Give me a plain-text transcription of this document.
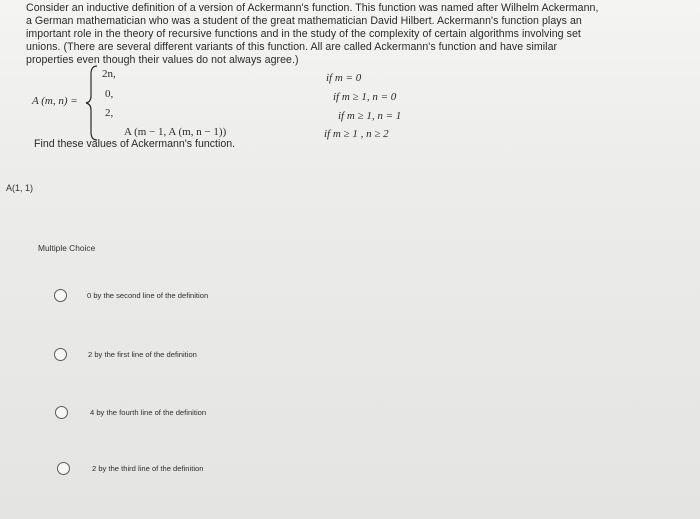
Consider an inductive definition of a version of Ackermann's function. This function was named after Wilhelm Ackermann,
a German mathematician who was a student of the great mathematician David Hilbert. Ackermann's function plays an
important role in the theory of recursive functions and in the study of the complexity of certain algorithms involving set
unions. (There are several different variants of this function. All are called Ackermann's function and have similar
properties even though their values do not always agree.)
A (m, n) =
2n,
0,
2,
A (m − 1, A (m, n − 1))
if m = 0
if m ≥ 1, n = 0
if m ≥ 1, n = 1
if m ≥ 1 , n ≥ 2
Find these values of Ackermann's function.
A(1, 1)
Multiple Choice
0 by the second line of the definition
2 by the first line of the definition
4 by the fourth line of the definition
2 by the third line of the definition
